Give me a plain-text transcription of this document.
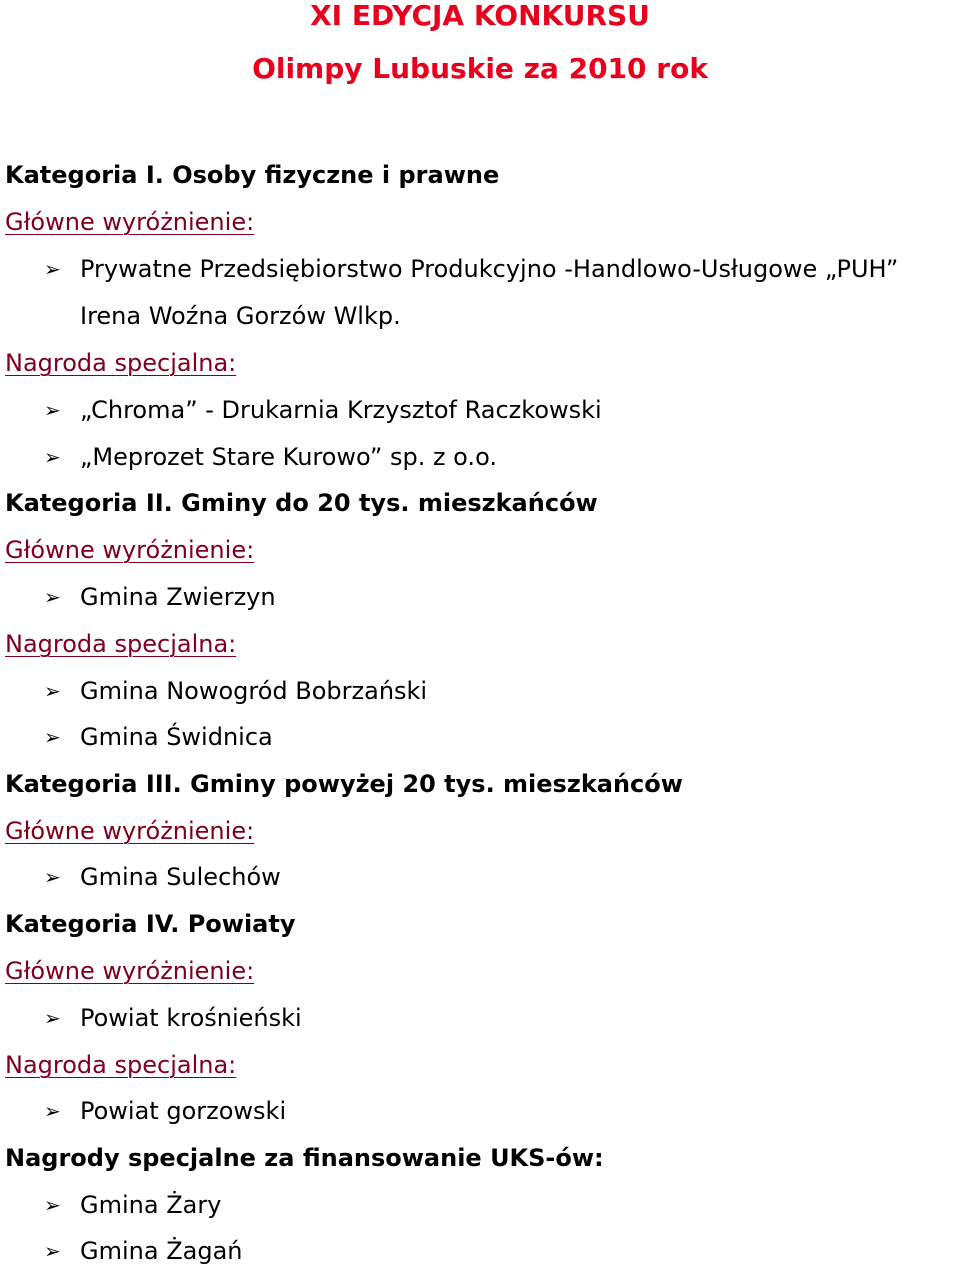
XI EDYCJA KONKURSU
Olimpy Lubuskie za 2010 rok
Kategoria I. Osoby fizyczne i prawne
Główne wyróżnienie:
➢ Prywatne Przedsiębiorstwo Produkcyjno -Handlowo-Usługowe „PUH”
Irena Woźna Gorzów Wlkp.
Nagroda specjalna:
➢ „Chroma” - Drukarnia Krzysztof Raczkowski
➢ „Meprozet Stare Kurowo” sp. z o.o.
Kategoria II. Gminy do 20 tys. mieszkańców
Główne wyróżnienie:
➢ Gmina Zwierzyn
Nagroda specjalna:
➢ Gmina Nowogród Bobrzański
➢ Gmina Świdnica
Kategoria III. Gminy powyżej 20 tys. mieszkańców
Główne wyróżnienie:
➢ Gmina Sulechów
Kategoria IV. Powiaty
Główne wyróżnienie:
➢ Powiat krośnieński
Nagroda specjalna:
➢ Powiat gorzowski
Nagrody specjalne za finansowanie UKS-ów:
➢ Gmina Żary
➢ Gmina Żagań
